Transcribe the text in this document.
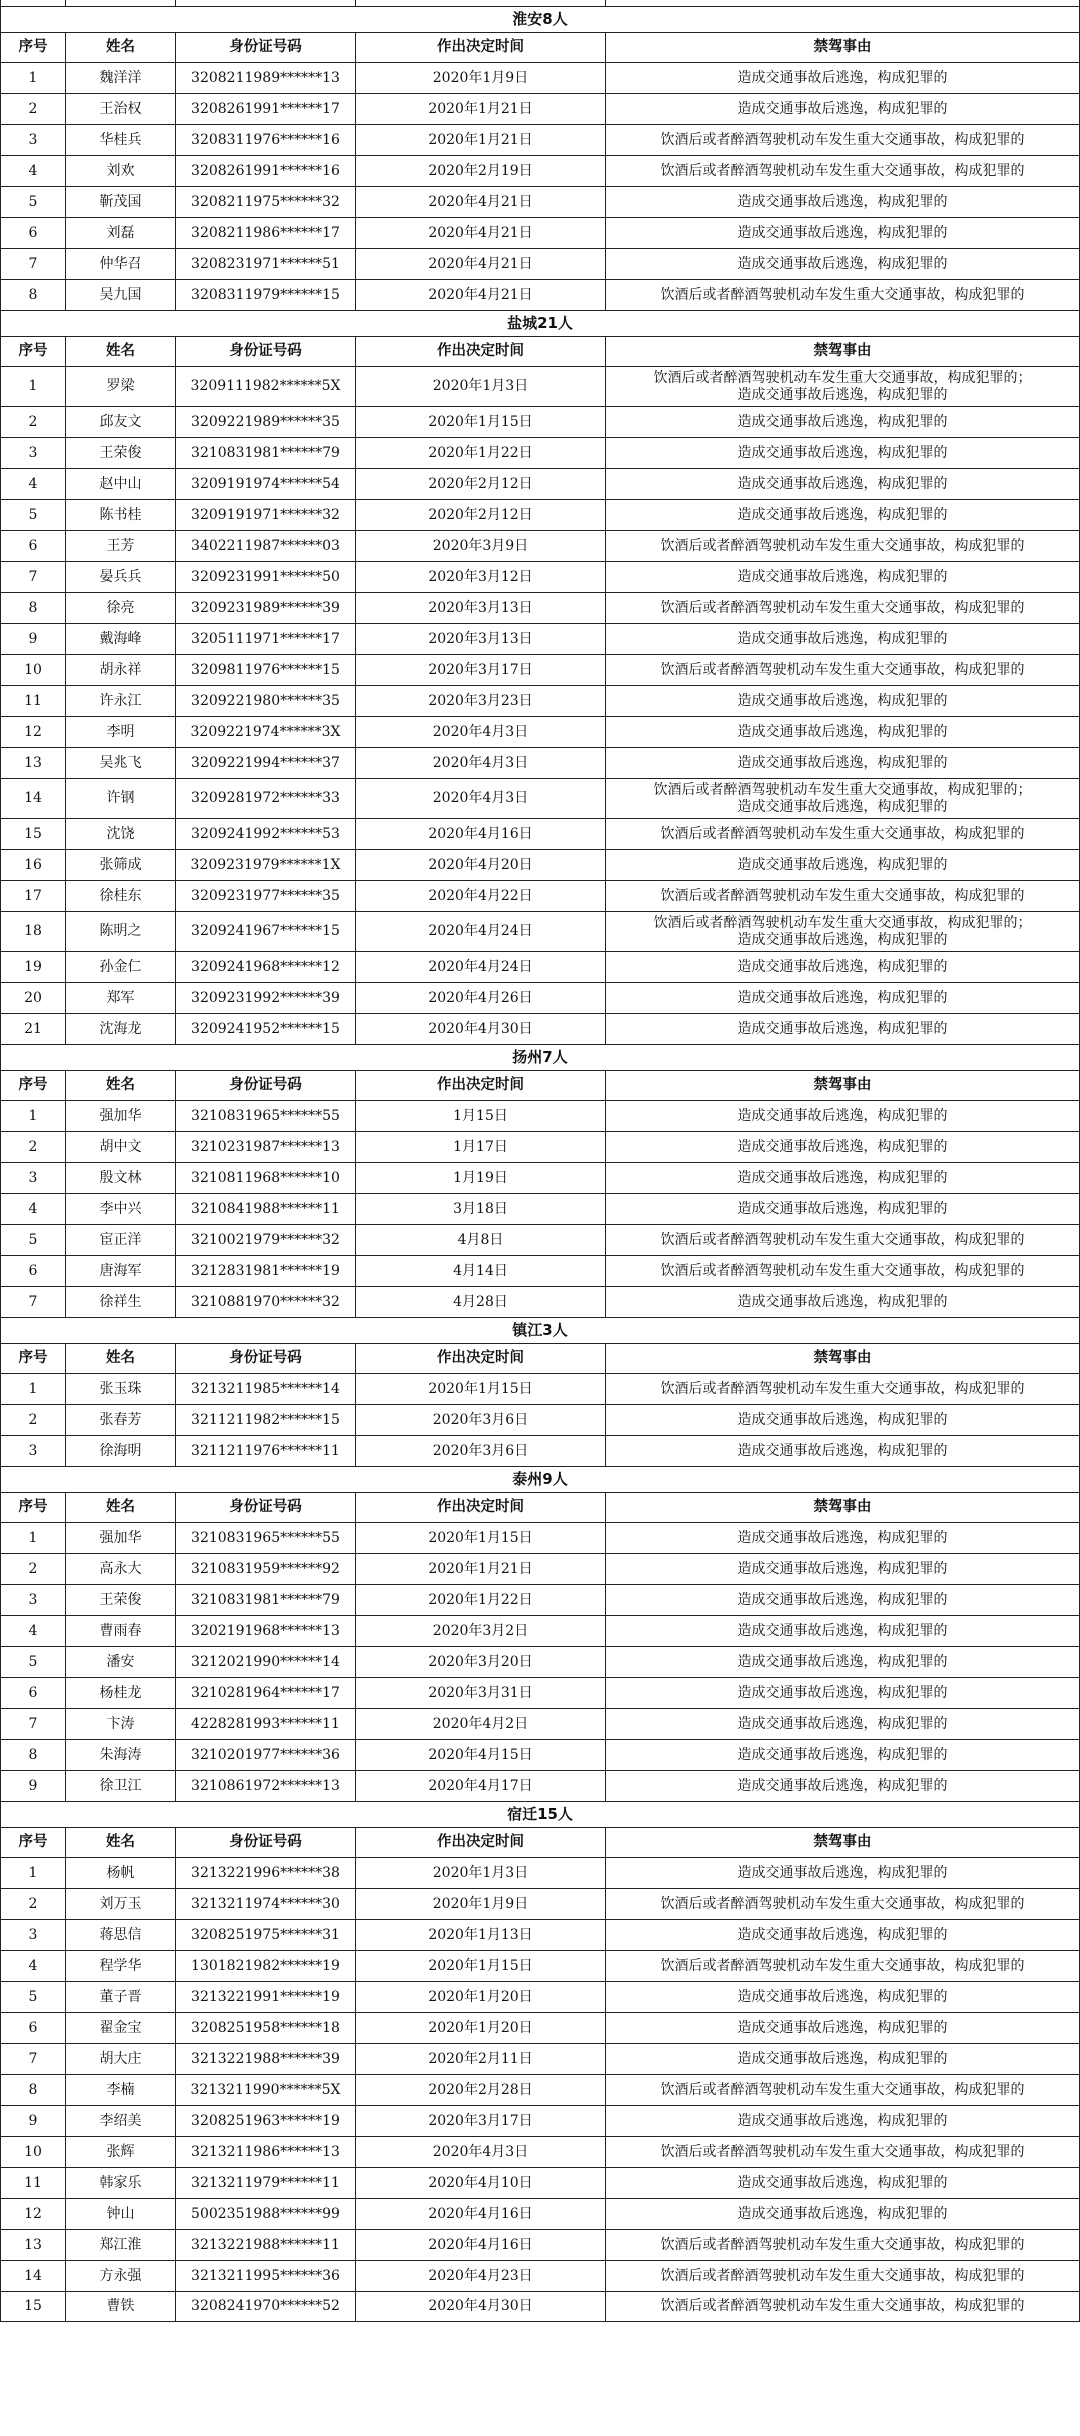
淮安8人
序号	姓名	身份证号码	作出决定时间	禁驾事由
1	魏洋洋	3208211989******13	2020年1月9日	造成交通事故后逃逸，构成犯罪的
2	王治权	3208261991******17	2020年1月21日	造成交通事故后逃逸，构成犯罪的
3	华桂兵	3208311976******16	2020年1月21日	饮酒后或者醉酒驾驶机动车发生重大交通事故，构成犯罪的
4	刘欢	3208261991******16	2020年2月19日	饮酒后或者醉酒驾驶机动车发生重大交通事故，构成犯罪的
5	靳茂国	3208211975******32	2020年4月21日	造成交通事故后逃逸，构成犯罪的
6	刘磊	3208211986******17	2020年4月21日	造成交通事故后逃逸，构成犯罪的
7	仲华召	3208231971******51	2020年4月21日	造成交通事故后逃逸，构成犯罪的
8	吴九国	3208311979******15	2020年4月21日	饮酒后或者醉酒驾驶机动车发生重大交通事故，构成犯罪的
盐城21人
序号	姓名	身份证号码	作出决定时间	禁驾事由
1	罗梁	3209111982******5X	2020年1月3日
饮酒后或者醉酒驾驶机动车发生重大交通事故，构成犯罪的；
造成交通事故后逃逸，构成犯罪的
2	邱友文	3209221989******35	2020年1月15日	造成交通事故后逃逸，构成犯罪的
3	王荣俊	3210831981******79	2020年1月22日	造成交通事故后逃逸，构成犯罪的
4	赵中山	3209191974******54	2020年2月12日	造成交通事故后逃逸，构成犯罪的
5	陈书桂	3209191971******32	2020年2月12日	造成交通事故后逃逸，构成犯罪的
6	王芳	3402211987******03	2020年3月9日	饮酒后或者醉酒驾驶机动车发生重大交通事故，构成犯罪的
7	晏兵兵	3209231991******50	2020年3月12日	造成交通事故后逃逸，构成犯罪的
8	徐亮	3209231989******39	2020年3月13日	饮酒后或者醉酒驾驶机动车发生重大交通事故，构成犯罪的
9	戴海峰	3205111971******17	2020年3月13日	造成交通事故后逃逸，构成犯罪的
10	胡永祥	3209811976******15	2020年3月17日	饮酒后或者醉酒驾驶机动车发生重大交通事故，构成犯罪的
11	许永江	3209221980******35	2020年3月23日	造成交通事故后逃逸，构成犯罪的
12	李明	3209221974******3X	2020年4月3日	造成交通事故后逃逸，构成犯罪的
13	吴兆飞	3209221994******37	2020年4月3日	造成交通事故后逃逸，构成犯罪的
14	许钢	3209281972******33	2020年4月3日
饮酒后或者醉酒驾驶机动车发生重大交通事故，构成犯罪的；
造成交通事故后逃逸，构成犯罪的
15	沈饶	3209241992******53	2020年4月16日	饮酒后或者醉酒驾驶机动车发生重大交通事故，构成犯罪的
16	张筛成	3209231979******1X	2020年4月20日	造成交通事故后逃逸，构成犯罪的
17	徐桂东	3209231977******35	2020年4月22日	饮酒后或者醉酒驾驶机动车发生重大交通事故，构成犯罪的
18	陈明之	3209241967******15	2020年4月24日
饮酒后或者醉酒驾驶机动车发生重大交通事故，构成犯罪的；
造成交通事故后逃逸，构成犯罪的
19	孙金仁	3209241968******12	2020年4月24日	造成交通事故后逃逸，构成犯罪的
20	郑军	3209231992******39	2020年4月26日	造成交通事故后逃逸，构成犯罪的
21	沈海龙	3209241952******15	2020年4月30日	造成交通事故后逃逸，构成犯罪的
扬州7人
序号	姓名	身份证号码	作出决定时间	禁驾事由
1	强加华	3210831965******55	1月15日	造成交通事故后逃逸，构成犯罪的
2	胡中文	3210231987******13	1月17日	造成交通事故后逃逸，构成犯罪的
3	殷文林	3210811968******10	1月19日	造成交通事故后逃逸，构成犯罪的
4	李中兴	3210841988******11	3月18日	造成交通事故后逃逸，构成犯罪的
5	宦正洋	3210021979******32	4月8日	饮酒后或者醉酒驾驶机动车发生重大交通事故，构成犯罪的
6	唐海军	3212831981******19	4月14日	饮酒后或者醉酒驾驶机动车发生重大交通事故，构成犯罪的
7	徐祥生	3210881970******32	4月28日	造成交通事故后逃逸，构成犯罪的
镇江3人
序号	姓名	身份证号码	作出决定时间	禁驾事由
1	张玉珠	3213211985******14	2020年1月15日	饮酒后或者醉酒驾驶机动车发生重大交通事故，构成犯罪的
2	张春芳	3211211982******15	2020年3月6日	造成交通事故后逃逸，构成犯罪的
3	徐海明	3211211976******11	2020年3月6日	造成交通事故后逃逸，构成犯罪的
泰州9人
序号	姓名	身份证号码	作出决定时间	禁驾事由
1	强加华	3210831965******55	2020年1月15日	造成交通事故后逃逸，构成犯罪的
2	高永大	3210831959******92	2020年1月21日	造成交通事故后逃逸，构成犯罪的
3	王荣俊	3210831981******79	2020年1月22日	造成交通事故后逃逸，构成犯罪的
4	曹雨春	3202191968******13	2020年3月2日	造成交通事故后逃逸，构成犯罪的
5	潘安	3212021990******14	2020年3月20日	造成交通事故后逃逸，构成犯罪的
6	杨桂龙	3210281964******17	2020年3月31日	造成交通事故后逃逸，构成犯罪的
7	卞涛	4228281993******11	2020年4月2日	造成交通事故后逃逸，构成犯罪的
8	朱海涛	3210201977******36	2020年4月15日	造成交通事故后逃逸，构成犯罪的
9	徐卫江	3210861972******13	2020年4月17日	造成交通事故后逃逸，构成犯罪的
宿迁15人
序号	姓名	身份证号码	作出决定时间	禁驾事由
1	杨帆	3213221996******38	2020年1月3日	造成交通事故后逃逸，构成犯罪的
2	刘万玉	3213211974******30	2020年1月9日	饮酒后或者醉酒驾驶机动车发生重大交通事故，构成犯罪的
3	蒋思信	3208251975******31	2020年1月13日	造成交通事故后逃逸，构成犯罪的
4	程学华	1301821982******19	2020年1月15日	饮酒后或者醉酒驾驶机动车发生重大交通事故，构成犯罪的
5	董子晋	3213221991******19	2020年1月20日	造成交通事故后逃逸，构成犯罪的
6	翟金宝	3208251958******18	2020年1月20日	造成交通事故后逃逸，构成犯罪的
7	胡大庄	3213221988******39	2020年2月11日	造成交通事故后逃逸，构成犯罪的
8	李楠	3213211990******5X	2020年2月28日	饮酒后或者醉酒驾驶机动车发生重大交通事故，构成犯罪的
9	李绍美	3208251963******19	2020年3月17日	造成交通事故后逃逸，构成犯罪的
10	张辉	3213211986******13	2020年4月3日	饮酒后或者醉酒驾驶机动车发生重大交通事故，构成犯罪的
11	韩家乐	3213211979******11	2020年4月10日	造成交通事故后逃逸，构成犯罪的
12	钟山	5002351988******99	2020年4月16日	造成交通事故后逃逸，构成犯罪的
13	郑江淮	3213221988******11	2020年4月16日	饮酒后或者醉酒驾驶机动车发生重大交通事故，构成犯罪的
14	方永强	3213211995******36	2020年4月23日	饮酒后或者醉酒驾驶机动车发生重大交通事故，构成犯罪的
15	曹铁	3208241970******52	2020年4月30日	饮酒后或者醉酒驾驶机动车发生重大交通事故，构成犯罪的
